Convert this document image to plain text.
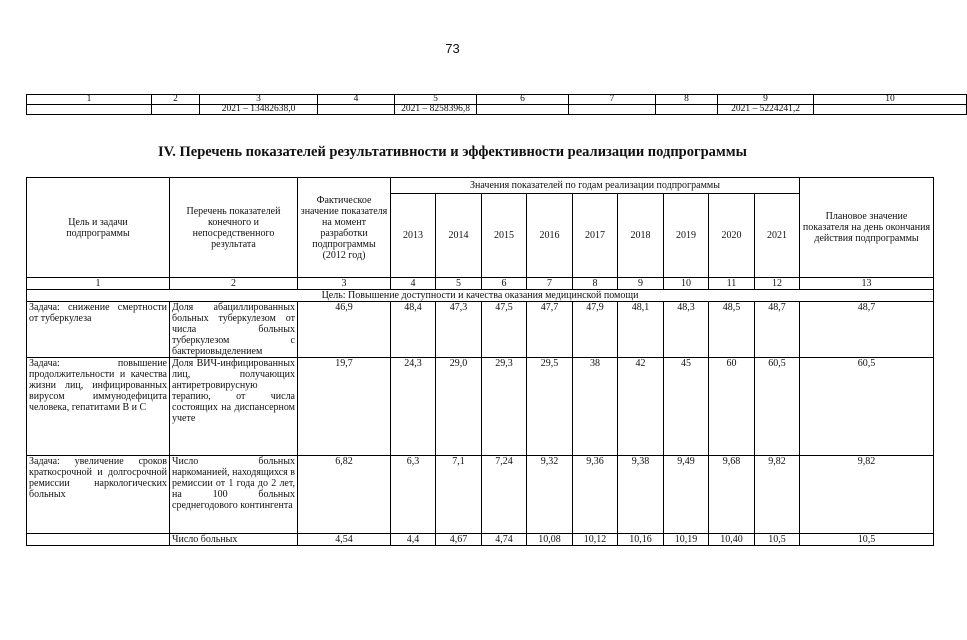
73
1	2	3	4	5	6	7	8	9	10
		2021 – 13482638,0		2021 – 8258396,8				2021 – 5224241,2	
IV. Перечень показателей результативности и эффективности реализации подпрограммы
Цель и задачи подпрограммы	Перечень показателей конечного и непосредственного результата	Фактическое значение показателя на момент разработки подпрограммы (2012 год)	Значения показателей по годам реализации подпрограммы									Плановое значение показателя на день окончания действия подпрограммы
			2013	2014	2015	2016	2017	2018	2019	2020	2021	
1	2	3	4	5	6	7	8	9	10	11	12	13
Цель: Повышение доступности и качества оказания медицинской помощи												
Задача: снижение смертности от туберкулеза	Доля абациллированных больных туберкулезом от числа больных туберкулезом с бактериовыделением	46,9	48,4	47,3	47,5	47,7	47,9	48,1	48,3	48,5	48,7	48,7
Задача: повышение продолжительности и качества жизни лиц, инфицированных вирусом иммунодефицита человека, гепатитами В и С	Доля ВИЧ-инфицированных лиц, получающих антиретровирусную терапию, от числа состоящих на диспансерном учете	19,7	24,3	29,0	29,3	29,5	38	42	45	60	60,5	60,5
Задача: увеличение сроков краткосрочной и долгосрочной ремиссии наркологических больных	Число больных наркоманией, находящихся в ремиссии от 1 года до 2 лет, на 100 больных среднегодового контингента	6,82	6,3	7,1	7,24	9,32	9,36	9,38	9,49	9,68	9,82	9,82
	Число больных	4,54	4,4	4,67	4,74	10,08	10,12	10,16	10,19	10,40	10,5	10,5
